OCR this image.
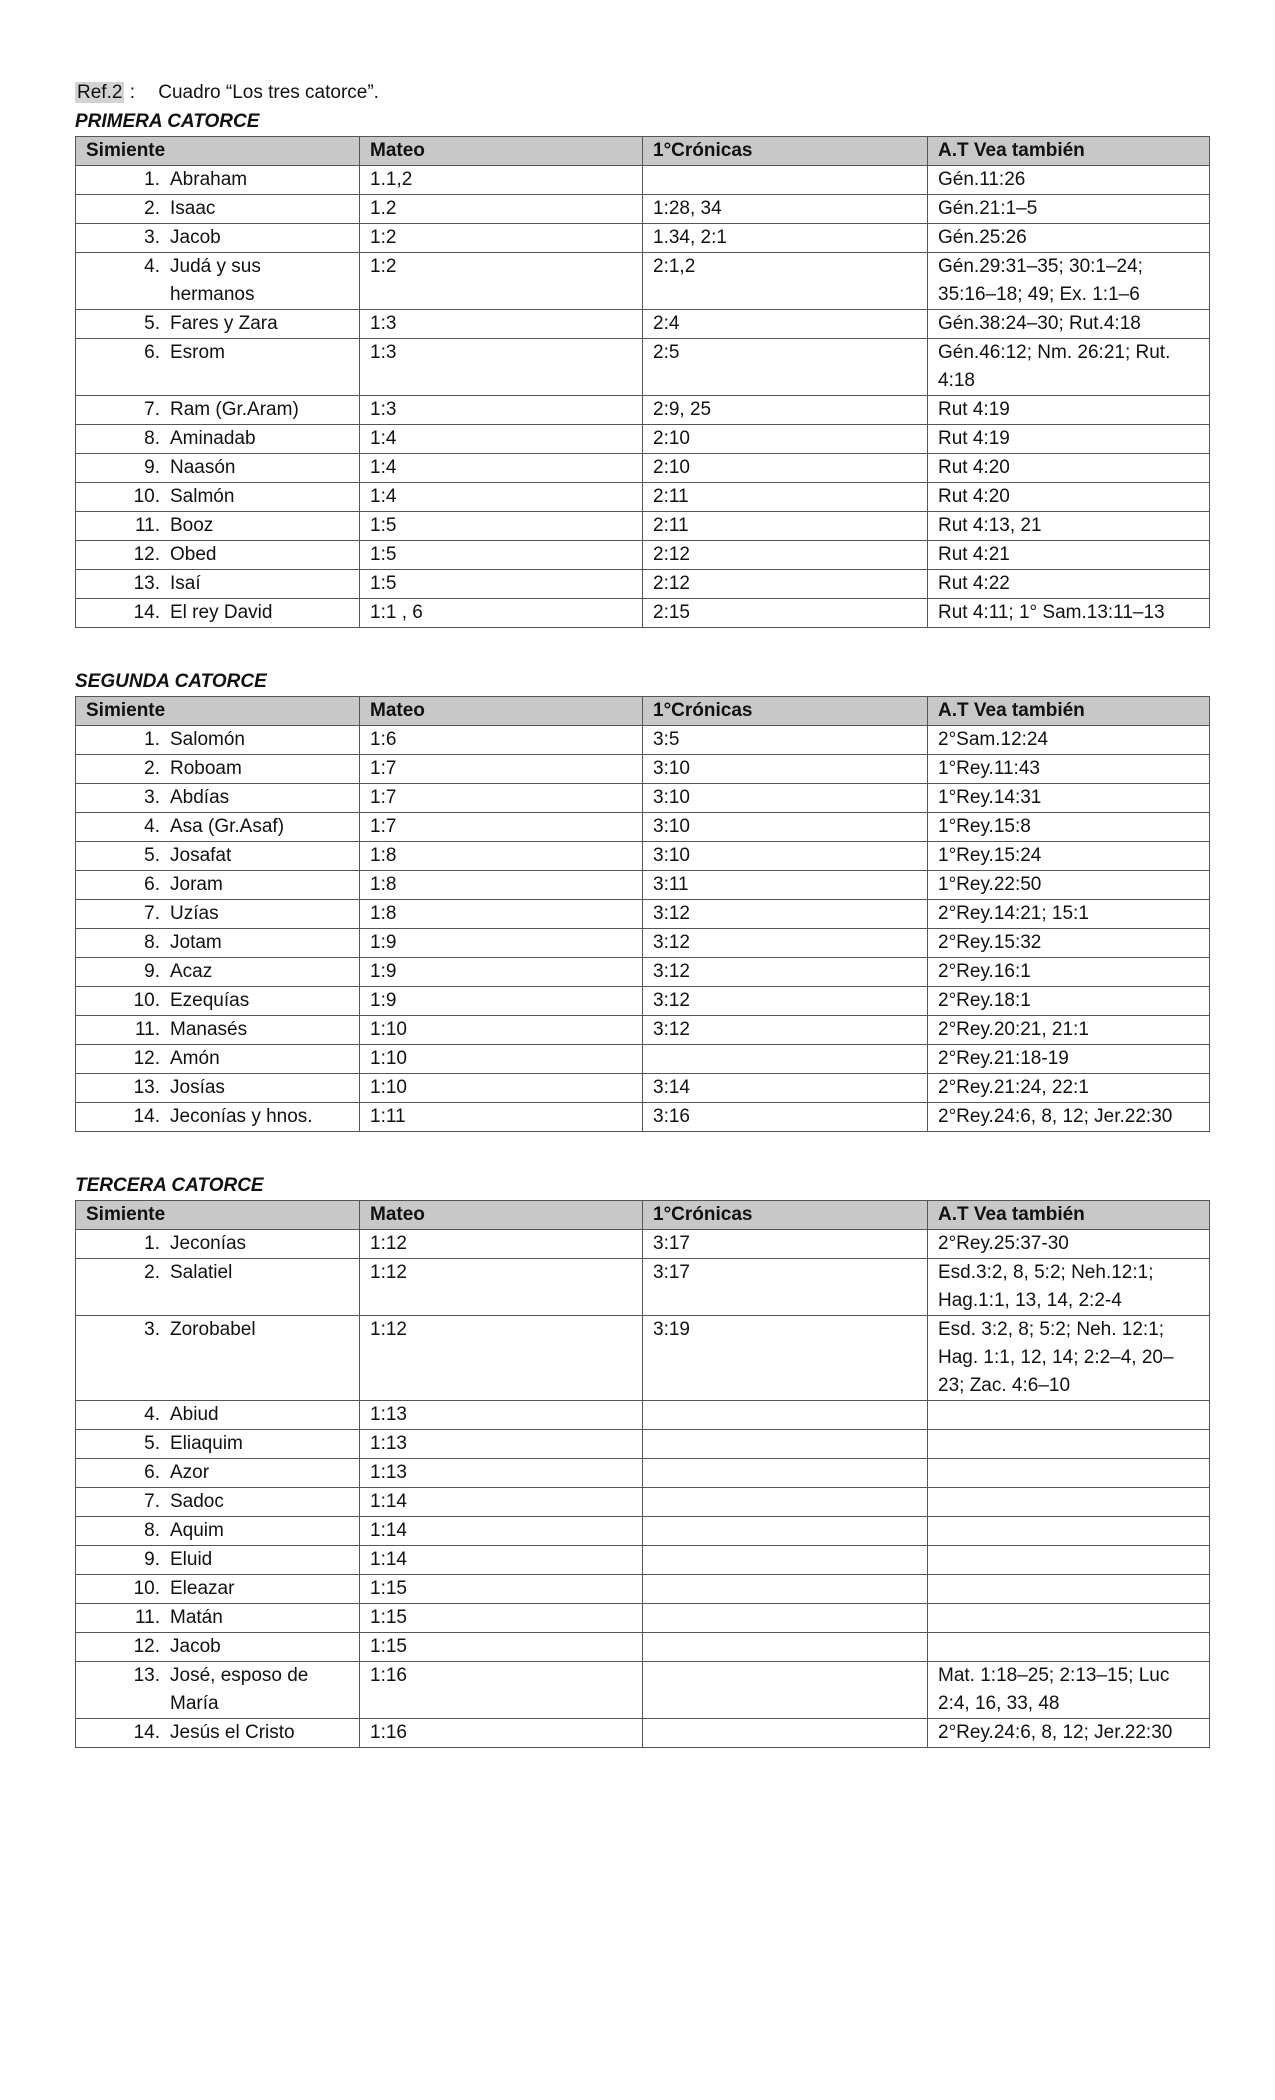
Ref.2 : Cuadro “Los tres catorce”.
PRIMERA CATORCE
Simiente	Mateo	1°Crónicas	A.T Vea también
1. Abraham	1.1,2		Gén.11:26
2. Isaac	1.2	1:28, 34	Gén.21:1–5
3. Jacob	1:2	1.34, 2:1	Gén.25:26
4. Judá y sus hermanos	1:2	2:1,2	Gén.29:31–35; 30:1–24; 35:16–18; 49; Ex. 1:1–6
5. Fares y Zara	1:3	2:4	Gén.38:24–30; Rut.4:18
6. Esrom	1:3	2:5	Gén.46:12; Nm. 26:21; Rut. 4:18
7. Ram (Gr.Aram)	1:3	2:9, 25	Rut 4:19
8. Aminadab	1:4	2:10	Rut 4:19
9. Naasón	1:4	2:10	Rut 4:20
10. Salmón	1:4	2:11	Rut 4:20
11. Booz	1:5	2:11	Rut 4:13, 21
12. Obed	1:5	2:12	Rut 4:21
13. Isaí	1:5	2:12	Rut 4:22
14. El rey David	1:1 , 6	2:15	Rut 4:11; 1° Sam.13:11–13
SEGUNDA CATORCE
Simiente	Mateo	1°Crónicas	A.T Vea también
1. Salomón	1:6	3:5	2°Sam.12:24
2. Roboam	1:7	3:10	1°Rey.11:43
3. Abdías	1:7	3:10	1°Rey.14:31
4. Asa (Gr.Asaf)	1:7	3:10	1°Rey.15:8
5. Josafat	1:8	3:10	1°Rey.15:24
6. Joram	1:8	3:11	1°Rey.22:50
7. Uzías	1:8	3:12	2°Rey.14:21; 15:1
8. Jotam	1:9	3:12	2°Rey.15:32
9. Acaz	1:9	3:12	2°Rey.16:1
10. Ezequías	1:9	3:12	2°Rey.18:1
11. Manasés	1:10	3:12	2°Rey.20:21, 21:1
12. Amón	1:10		2°Rey.21:18-19
13. Josías	1:10	3:14	2°Rey.21:24, 22:1
14. Jeconías y hnos.	1:11	3:16	2°Rey.24:6, 8, 12; Jer.22:30
TERCERA CATORCE
Simiente	Mateo	1°Crónicas	A.T Vea también
1. Jeconías	1:12	3:17	2°Rey.25:37-30
2. Salatiel	1:12	3:17	Esd.3:2, 8, 5:2; Neh.12:1; Hag.1:1, 13, 14, 2:2-4
3. Zorobabel	1:12	3:19	Esd. 3:2, 8; 5:2; Neh. 12:1; Hag. 1:1, 12, 14; 2:2–4, 20–23; Zac. 4:6–10
4. Abiud	1:13		
5. Eliaquim	1:13		
6. Azor	1:13		
7. Sadoc	1:14		
8. Aquim	1:14		
9. Eluid	1:14		
10. Eleazar	1:15		
11. Matán	1:15		
12. Jacob	1:15		
13. José, esposo de María	1:16		Mat. 1:18–25; 2:13–15; Luc 2:4, 16, 33, 48
14. Jesús el Cristo	1:16		2°Rey.24:6, 8, 12; Jer.22:30
